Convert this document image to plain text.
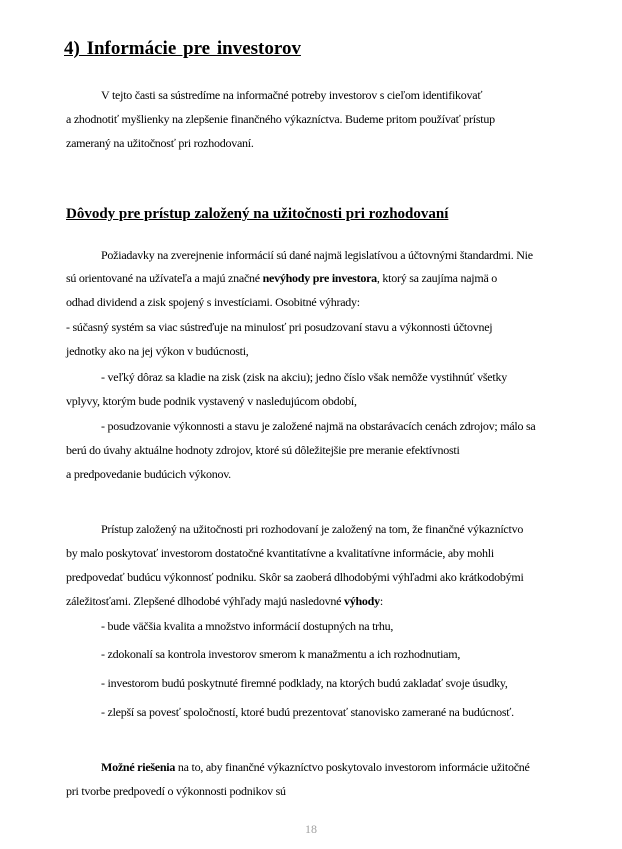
4) Informácie pre investorov
V tejto časti sa sústredíme na informačné potreby investorov s cieľom identifikovať
a zhodnotiť myšlienky na zlepšenie finančného výkazníctva. Budeme pritom používať prístup
zameraný na užitočnosť pri rozhodovaní.
Dôvody pre prístup založený na užitočnosti pri rozhodovaní
Požiadavky na zverejnenie informácií sú dané najmä legislatívou a účtovnými štandardmi. Nie
sú orientované na užívateľa a majú značné nevýhody pre investora, ktorý sa zaujíma najmä o
odhad dividend a zisk spojený s investíciami. Osobitné výhrady:
- súčasný systém sa viac sústreďuje na minulosť pri posudzovaní stavu a výkonnosti účtovnej
jednotky ako na jej výkon v budúcnosti,
- veľký dôraz sa kladie na zisk (zisk na akciu); jedno číslo však nemôže vystihnúť všetky
vplyvy, ktorým bude podnik vystavený v nasledujúcom období,
- posudzovanie výkonnosti a stavu je založené najmä na obstarávacích cenách zdrojov; málo sa
berú do úvahy aktuálne hodnoty zdrojov, ktoré sú dôležitejšie pre meranie efektívnosti
a predpovedanie budúcich výkonov.
Prístup založený na užitočnosti pri rozhodovaní je založený na tom, že finančné výkazníctvo
by malo poskytovať investorom dostatočné kvantitatívne a kvalitatívne informácie, aby mohli
predpovedať budúcu výkonnosť podniku. Skôr sa zaoberá dlhodobými výhľadmi ako krátkodobými
záležitosťami. Zlepšené dlhodobé výhľady majú nasledovné výhody:
- bude väčšia kvalita a množstvo informácií dostupných na trhu,
- zdokonalí sa kontrola investorov smerom k manažmentu a ich rozhodnutiam,
- investorom budú poskytnuté firemné podklady, na ktorých budú zakladať svoje úsudky,
- zlepší sa povesť spoločností, ktoré budú prezentovať stanovisko zamerané na budúcnosť.
Možné riešenia na to, aby finančné výkazníctvo poskytovalo investorom informácie užitočné
pri tvorbe predpovedí o výkonnosti podnikov sú
18
